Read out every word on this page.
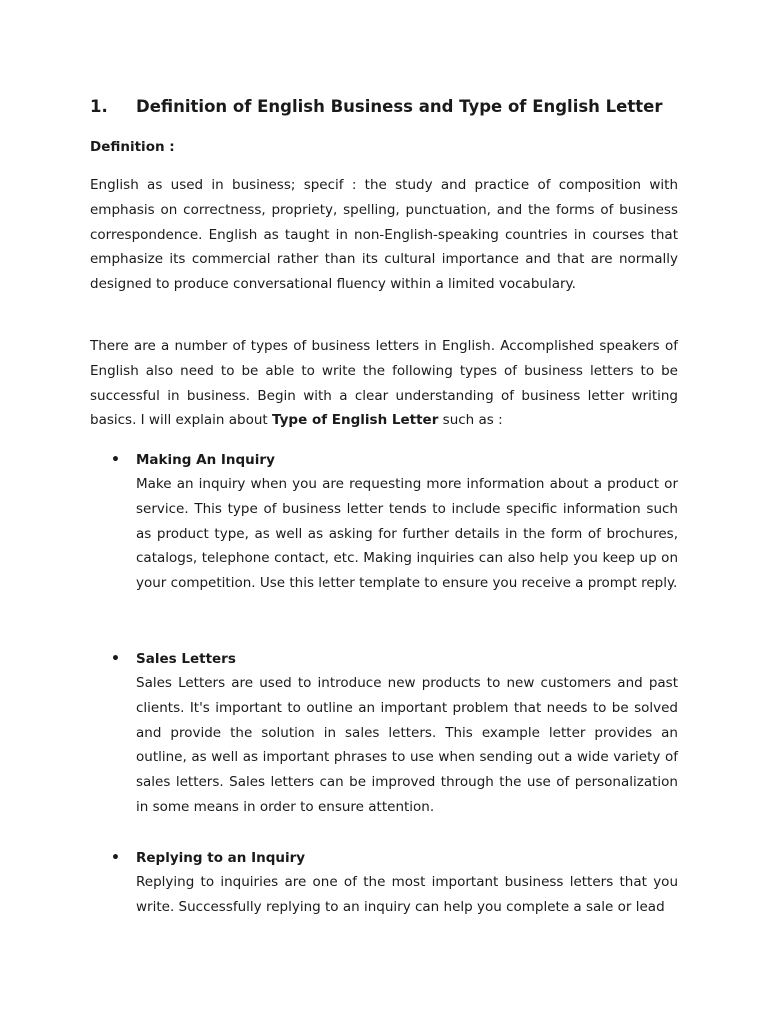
1. Definition of English Business and Type of English Letter
Definition :

English as used in business; specif : the study and practice of composition with emphasis on correctness, propriety, spelling, punctuation, and the forms of business correspondence. English as taught in non-English-speaking countries in courses that emphasize its commercial rather than its cultural importance and that are normally designed to produce conversational fluency within a limited vocabulary.

There are a number of types of business letters in English. Accomplished speakers of English also need to be able to write the following types of business letters to be successful in business. Begin with a clear understanding of business letter writing basics. I will explain about Type of English Letter such as :

• Making An Inquiry

Make an inquiry when you are requesting more information about a product or service. This type of business letter tends to include specific information such as product type, as well as asking for further details in the form of brochures, catalogs, telephone contact, etc. Making inquiries can also help you keep up on your competition. Use this letter template to ensure you receive a prompt reply.

• Sales Letters

Sales Letters are used to introduce new products to new customers and past clients. It's important to outline an important problem that needs to be solved and provide the solution in sales letters. This example letter provides an outline, as well as important phrases to use when sending out a wide variety of sales letters. Sales letters can be improved through the use of personalization in some means in order to ensure attention.

• Replying to an Inquiry

Replying to inquiries are one of the most important business letters that you write. Successfully replying to an inquiry can help you complete a sale or lead
